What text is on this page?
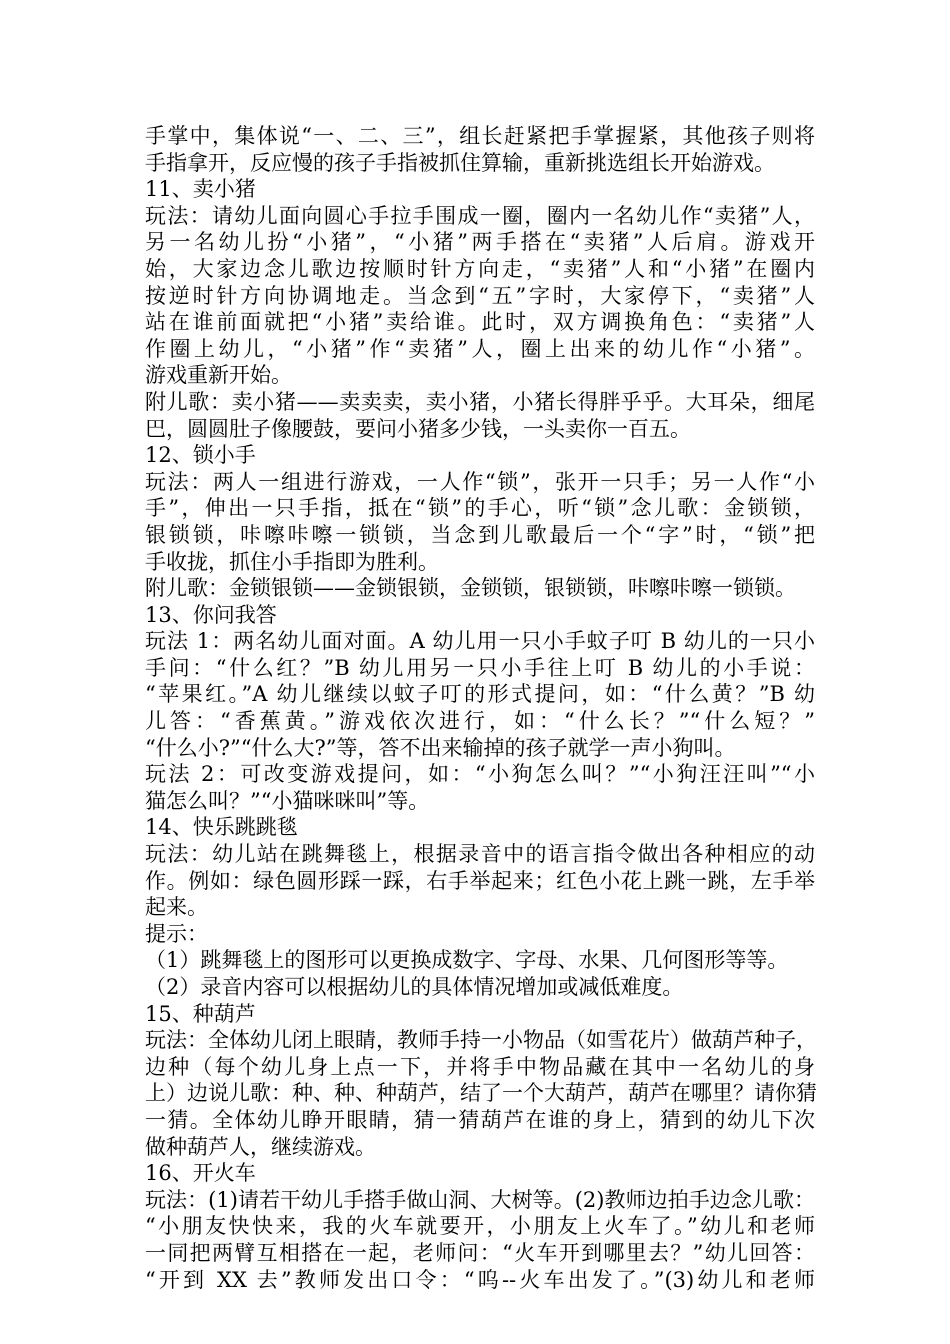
手掌中，集体说“一、二、三”，组长赶紧把手掌握紧，其他孩子则将
手指拿开，反应慢的孩子手指被抓住算输，重新挑选组长开始游戏。
11、卖小猪
玩法：请幼儿面向圆心手拉手围成一圈，圈内一名幼儿作“卖猪”人，
另一名幼儿扮“小猪”，“小猪”两手搭在“卖猪”人后肩。游戏开
始，大家边念儿歌边按顺时针方向走，“卖猪”人和“小猪”在圈内
按逆时针方向协调地走。当念到“五”字时，大家停下，“卖猪”人
站在谁前面就把“小猪”卖给谁。此时，双方调换角色：“卖猪”人
作圈上幼儿，“小猪”作“卖猪”人，圈上出来的幼儿作“小猪”。
游戏重新开始。
附儿歌：卖小猪——卖卖卖，卖小猪，小猪长得胖乎乎。大耳朵，细尾
巴，圆圆肚子像腰鼓，要问小猪多少钱，一头卖你一百五。
12、锁小手
玩法：两人一组进行游戏，一人作“锁”，张开一只手；另一人作“小
手”，伸出一只手指，抵在“锁”的手心，听“锁”念儿歌：金锁锁，
银锁锁，咔嚓咔嚓一锁锁，当念到儿歌最后一个“字”时，“锁”把
手收拢，抓住小手指即为胜利。
附儿歌：金锁银锁——金锁银锁，金锁锁，银锁锁，咔嚓咔嚓一锁锁。
13、你问我答
玩法 1：两名幼儿面对面。A 幼儿用一只小手蚊子叮 B 幼儿的一只小
手问：“什么红？”B 幼儿用另一只小手往上叮 B 幼儿的小手说：
“苹果红。”A 幼儿继续以蚊子叮的形式提问，如：“什么黄？”B 幼
儿答：“香蕉黄。”游戏依次进行，如：“什么长？”“什么短？”
“什么小?”“什么大?”等，答不出来输掉的孩子就学一声小狗叫。
玩法 2：可改变游戏提问，如：“小狗怎么叫？”“小狗汪汪叫”“小
猫怎么叫？”“小猫咪咪叫”等。
14、快乐跳跳毯
玩法：幼儿站在跳舞毯上，根据录音中的语言指令做出各种相应的动
作。例如：绿色圆形踩一踩，右手举起来；红色小花上跳一跳，左手举
起来。
提示：
（1）跳舞毯上的图形可以更换成数字、字母、水果、几何图形等等。
（2）录音内容可以根据幼儿的具体情况增加或减低难度。
15、种葫芦
玩法：全体幼儿闭上眼睛，教师手持一小物品（如雪花片）做葫芦种子，
边种（每个幼儿身上点一下，并将手中物品藏在其中一名幼儿的身
上）边说儿歌：种、种、种葫芦，结了一个大葫芦，葫芦在哪里？请你猜
一猜。全体幼儿睁开眼睛，猜一猜葫芦在谁的身上，猜到的幼儿下次
做种葫芦人，继续游戏。
16、开火车
玩法：(1)请若干幼儿手搭手做山洞、大树等。(2)教师边拍手边念儿歌：
“小朋友快快来，我的火车就要开，小朋友上火车了。”幼儿和老师
一同把两臂互相搭在一起，老师问：“火车开到哪里去？”幼儿回答：
“开到 XX 去”教师发出口令：“呜--火车出发了。”(3)幼儿和老师
